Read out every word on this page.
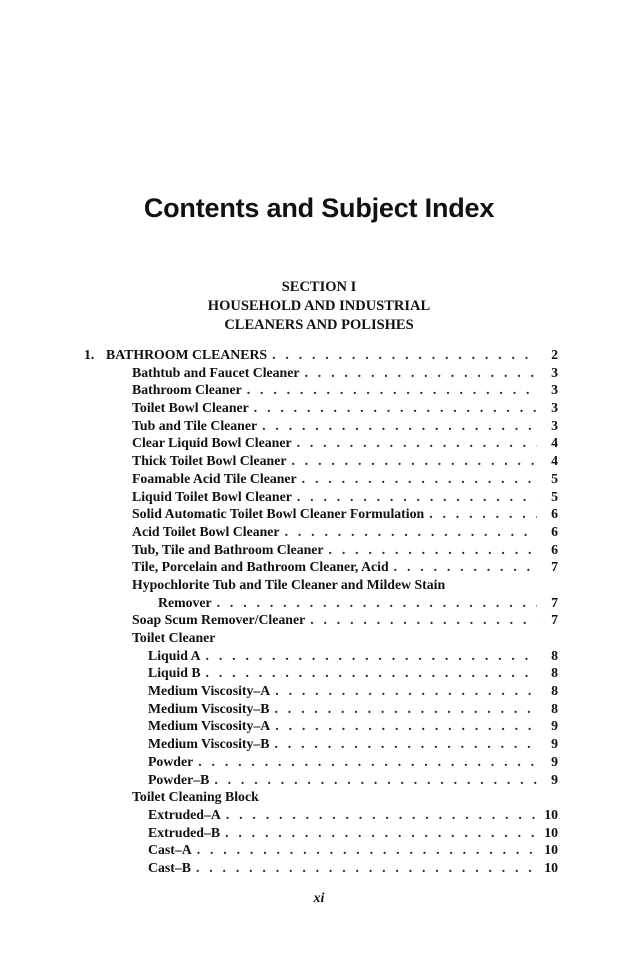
Contents and Subject Index
SECTION I
HOUSEHOLD AND INDUSTRIAL
CLEANERS AND POLISHES
1. BATHROOM CLEANERS . . .	2
Bathtub and Faucet Cleaner . . .	3
Bathroom Cleaner . . .	3
Toilet Bowl Cleaner . . .	3
Tub and Tile Cleaner . . .	3
Clear Liquid Bowl Cleaner . . .	4
Thick Toilet Bowl Cleaner . . .	4
Foamable Acid Tile Cleaner . . .	5
Liquid Toilet Bowl Cleaner . . .	5
Solid Automatic Toilet Bowl Cleaner Formulation . . .	6
Acid Toilet Bowl Cleaner . . .	6
Tub, Tile and Bathroom Cleaner . . .	6
Tile, Porcelain and Bathroom Cleaner, Acid . . .	7
Hypochlorite Tub and Tile Cleaner and Mildew Stain
Remover . . .	7
Soap Scum Remover/Cleaner . . .	7
Toilet Cleaner
Liquid A . . .	8
Liquid B . . .	8
Medium Viscosity–A . . .	8
Medium Viscosity–B . . .	8
Medium Viscosity–A . . .	9
Medium Viscosity–B . . .	9
Powder . . .	9
Powder–B . . .	9
Toilet Cleaning Block
Extruded–A . . .	10
Extruded–B . . .	10
Cast–A . . .	10
Cast–B . . .	10
xi
